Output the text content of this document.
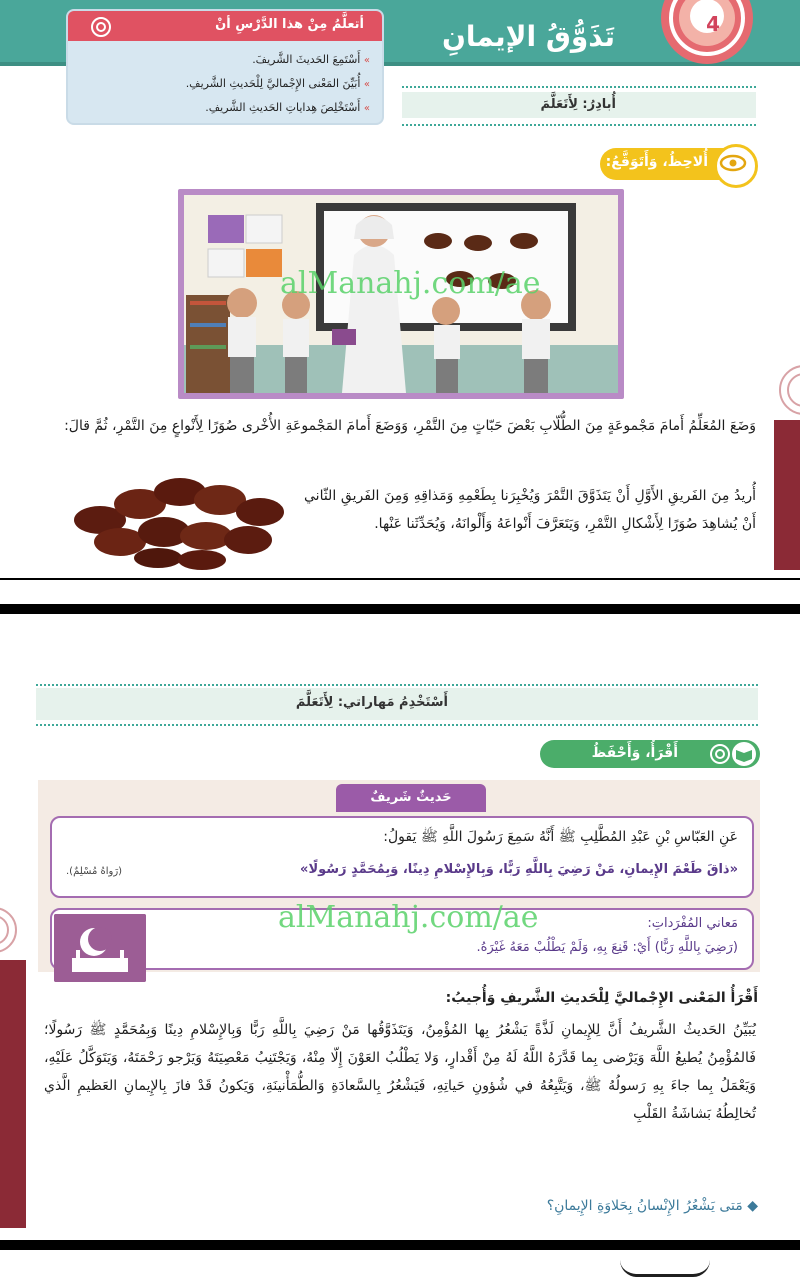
4
تَذَوُّقُ الإيمانِ
أتعلَّمُ مِنْ هذا الدَّرْسِ أنْ
» أَسْتَمِعَ الحَديثَ الشَّريفَ.
» أُبَيِّنَ المَعْنى الإِجْماليَّ لِلْحَديثِ الشَّريفِ.
» أَسْتَخْلِصَ هِداياتِ الحَديثِ الشَّريفِ.	أُبادِرُ: لِأَتَعَلَّمَ
أُلاحِظُ، وَأَتَوَقَّعُ:
alManahj.com/ae
وَضَعَ المُعَلِّمُ أَمامَ مَجْموعَةٍ مِنَ الطُّلّابِ بَعْضَ حَبّاتٍ مِنَ التَّمْرِ، وَوَضَعَ أَمامَ المَجْموعَةِ الأُخْرى صُوَرًا لِأَنْواعٍ مِنَ التَّمْرِ، ثُمَّ قالَ:
أُريدُ مِنَ الفَريقِ الأَوَّلِ أَنْ يَتَذَوَّقَ التَّمْرَ وَيُخْبِرَنا بِطَعْمِهِ وَمَذاقِهِ وَمِنَ الفَريقِ الثّاني أَنْ يُشاهِدَ صُوَرًا لِأَشْكالِ التَّمْرِ، وَيَتَعَرَّفَ أَنْواعَهُ وَأَلْوانَهُ، وَيُحَدِّثَنا عَنْها.
أَسْتَخْدِمُ مَهاراتي: لِأَتَعَلَّمَ
أَقْرَأُ، وَأَحْفَظُ
حَديثٌ شَريفٌ
عَنِ العَبّاسِ بْنِ عَبْدِ المُطَّلِبِ ﷺ أَنَّهُ سَمِعَ رَسُولَ اللَّهِ ﷺ يَقولُ:
«ذاقَ طَعْمَ الإِيمانِ، مَنْ رَضِيَ بِاللَّهِ رَبًّا، وَبِالإِسْلامِ دِينًا، وَبِمُحَمَّدٍ رَسُولًا»
(رَواهُ مُسْلِمٌ).
مَعاني المُفْرَداتِ:
(رَضِيَ بِاللَّهِ رَبًّا) أَيْ: قَنِعَ بِهِ، وَلَمْ يَطْلُبْ مَعَهُ غَيْرَهُ.
alManahj.com/ae
أَقْرَأُ المَعْنى الإِجْماليَّ لِلْحَديثِ الشَّريفِ وَأُجيبُ:
يُبَيِّنُ الحَديثُ الشَّريفُ أَنَّ لِلإِيمانِ لَذَّةً يَشْعُرُ بِها المُؤْمِنُ، وَيَتَذَوَّقُها مَنْ رَضِيَ بِاللَّهِ رَبًّا وَبِالإِسْلامِ دِينًا وَبِمُحَمَّدٍ ﷺ رَسُولًا؛ فَالمُؤْمِنُ يُطيعُ اللَّهَ وَيَرْضى بِما قَدَّرَهُ اللَّهُ لَهُ مِنْ أَقْدارٍ، وَلا يَطْلُبُ العَوْنَ إِلّا مِنْهُ، وَيَجْتَنِبُ مَعْصِيَتَهُ وَيَرْجو رَحْمَتَهُ، وَيَتَوَكَّلُ عَلَيْهِ، وَيَعْمَلُ بِما جاءَ بِهِ رَسولُهُ ﷺ، وَيَتَّبِعُهُ في شُؤونِ حَياتِهِ، فَيَشْعُرُ بِالسَّعادَةِ وَالطُّمَأْنينَةِ، وَيَكونُ قَدْ فازَ بِالإِيمانِ العَظيمِ الَّذي تُخالِطُهُ بَشاشَةُ القَلْبِ
◆ مَتى يَشْعُرُ الإِنْسانُ بِحَلاوَةِ الإِيمانِ؟
